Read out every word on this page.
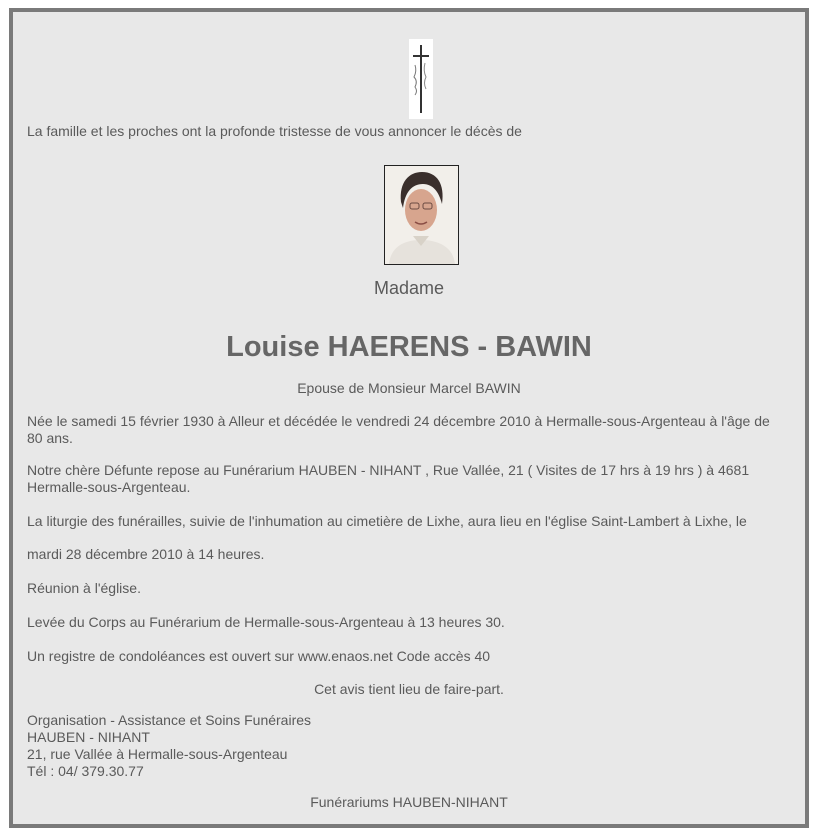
La famille et les proches ont la profonde tristesse de vous annoncer le décès de
Madame
Louise HAERENS - BAWIN
Epouse de Monsieur Marcel BAWIN
Née le samedi 15 février 1930 à Alleur et décédée le vendredi 24 décembre 2010 à Hermalle-sous-Argenteau à l'âge de 80 ans.
Notre chère Défunte repose au Funérarium HAUBEN - NIHANT , Rue Vallée, 21 ( Visites de 17 hrs à 19 hrs ) à 4681 Hermalle-sous-Argenteau.
La liturgie des funérailles, suivie de l'inhumation au cimetière de Lixhe, aura lieu en l'église Saint-Lambert à Lixhe, le
mardi 28 décembre 2010 à 14 heures.
Réunion à l'église.
Levée du Corps au Funérarium de Hermalle-sous-Argenteau à 13 heures 30.
Un registre de condoléances est ouvert sur www.enaos.net Code accès 40
Cet avis tient lieu de faire-part.
Organisation - Assistance et Soins Funéraires
HAUBEN - NIHANT
21, rue Vallée à Hermalle-sous-Argenteau
Tél : 04/ 379.30.77
Funérariums HAUBEN-NIHANT
